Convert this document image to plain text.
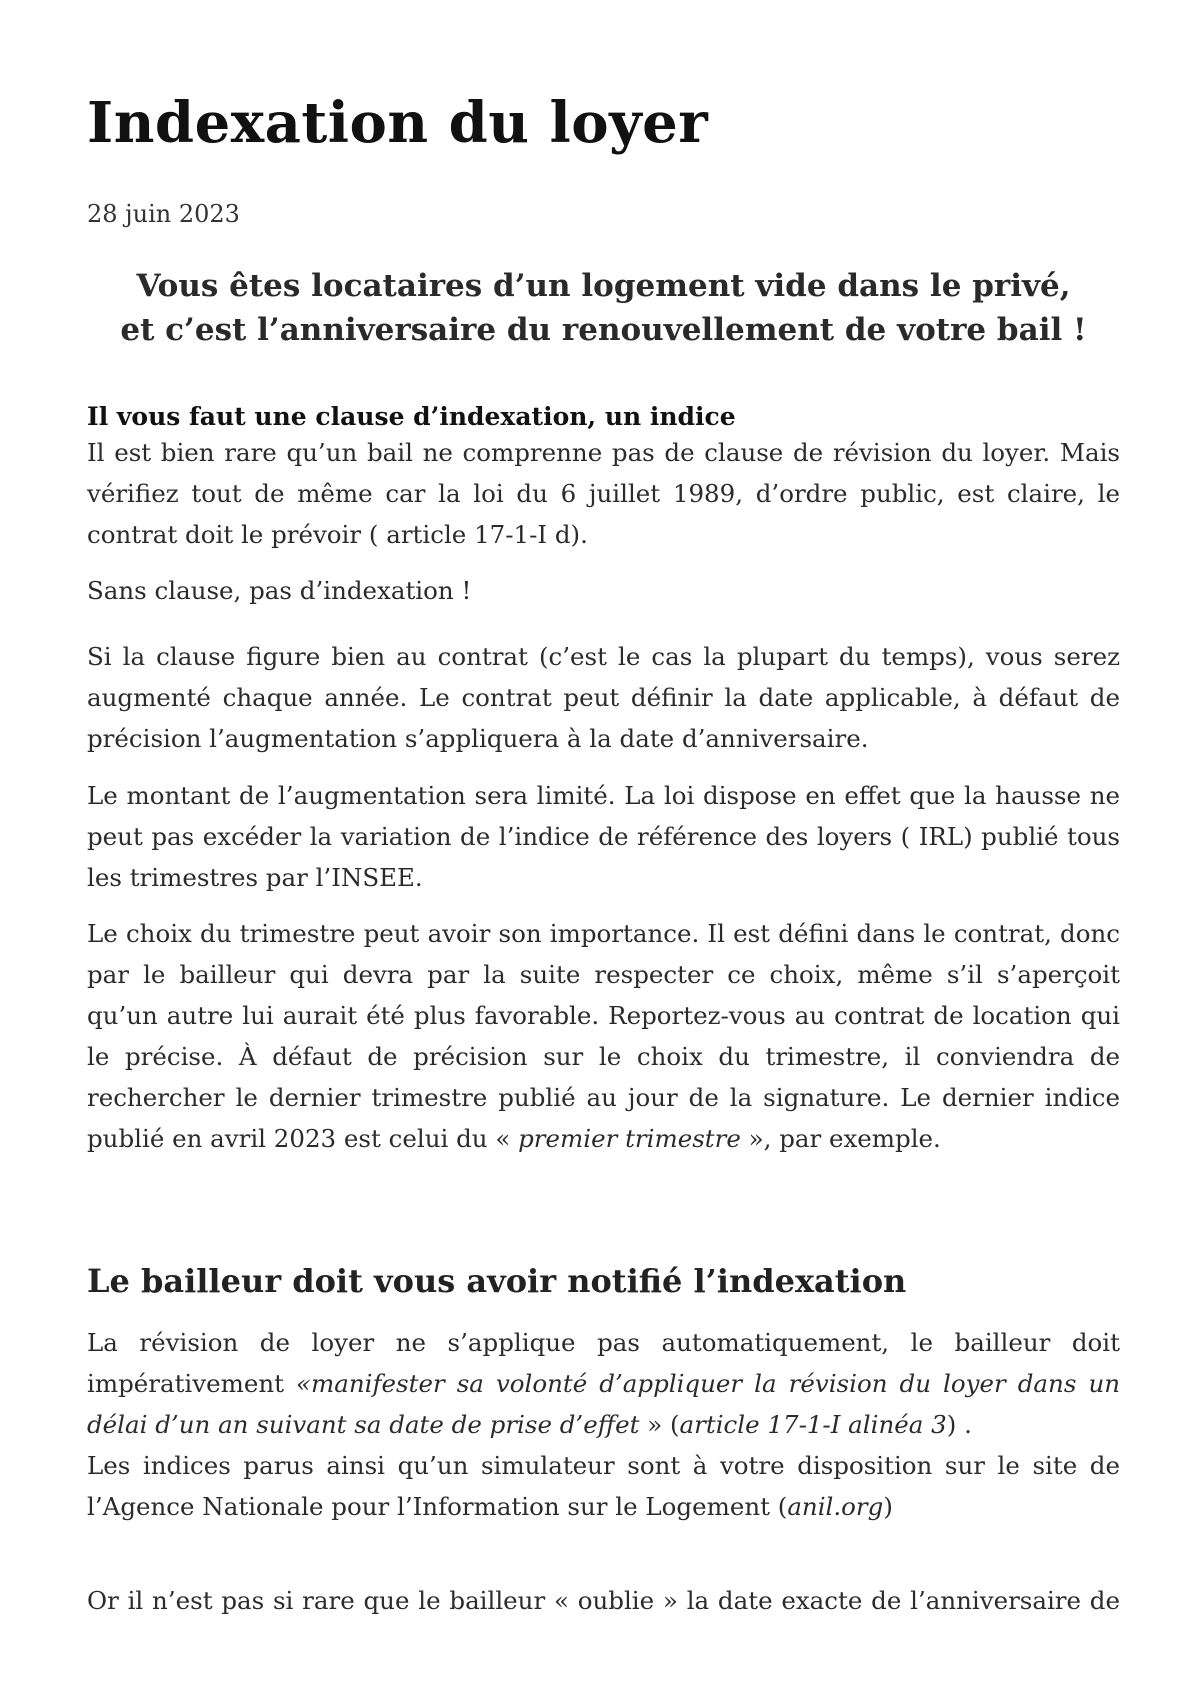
Indexation du loyer
28 juin 2023
Vous êtes locataires d’un logement vide dans le privé,
et c’est l’anniversaire du renouvellement de votre bail !
Il vous faut une clause d’indexation, un indice
Il est bien rare qu’un bail ne comprenne pas de clause de révision du loyer. Mais
vérifiez tout de même car la loi du 6 juillet 1989, d’ordre public, est claire, le
contrat doit le prévoir ( article 17-1-I d).
Sans clause, pas d’indexation !
Si la clause figure bien au contrat (c’est le cas la plupart du temps), vous serez
augmenté chaque année. Le contrat peut définir la date applicable, à défaut de
précision l’augmentation s’appliquera à la date d’anniversaire.
Le montant de l’augmentation sera limité. La loi dispose en effet que la hausse ne
peut pas excéder la variation de l’indice de référence des loyers ( IRL) publié tous
les trimestres par l’INSEE.
Le choix du trimestre peut avoir son importance. Il est défini dans le contrat, donc
par le bailleur qui devra par la suite respecter ce choix, même s’il s’aperçoit
qu’un autre lui aurait été plus favorable. Reportez-vous au contrat de location qui
le précise. À défaut de précision sur le choix du trimestre, il conviendra de
rechercher le dernier trimestre publié au jour de la signature. Le dernier indice
publié en avril 2023 est celui du « premier trimestre », par exemple.
Le bailleur doit vous avoir notifié l’indexation
La révision de loyer ne s’applique pas automatiquement, le bailleur doit
impérativement «manifester sa volonté d’appliquer la révision du loyer dans un
délai d’un an suivant sa date de prise d’effet » (article 17-1-I alinéa 3) .
Les indices parus ainsi qu’un simulateur sont à votre disposition sur le site de
l’Agence Nationale pour l’Information sur le Logement (anil.org)
Or il n’est pas si rare que le bailleur « oublie » la date exacte de l’anniversaire de
